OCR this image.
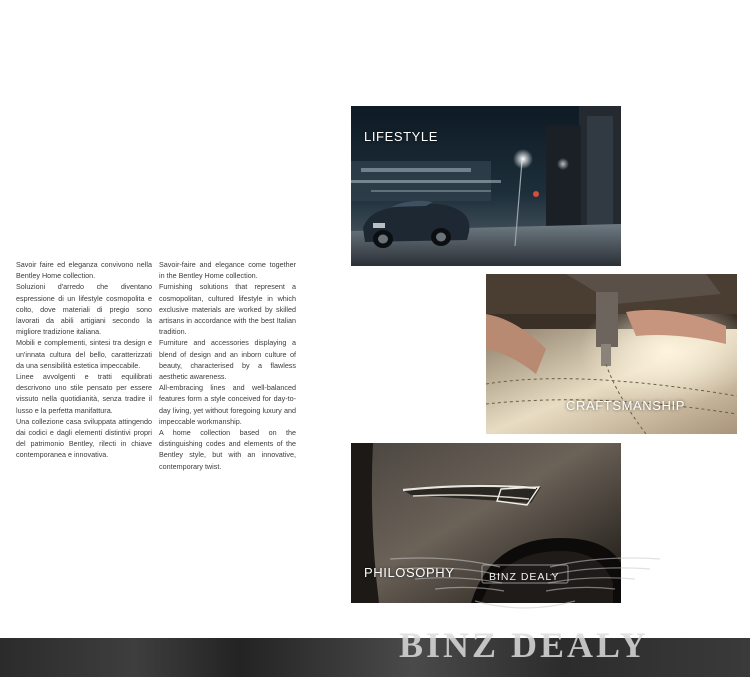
Savoir faire ed eleganza convivono nella Bentley Home collection.

Soluzioni d'arredo che diventano espressione di un lifestyle cosmopolita e colto, dove materiali di pregio sono lavorati da abili artigiani secondo la migliore tradizione italiana.

Mobili e complementi, sintesi tra design e un'innata cultura del bello, caratterizzati da una sensibilità estetica impeccabile.

Linee avvolgenti e tratti equilibrati descrivono uno stile pensato per essere vissuto nella quotidianità, senza tradire il lusso e la perfetta manifattura.

Una collezione casa sviluppata attingendo dai codici e dagli elementi distintivi propri del patrimonio Bentley, rilecti in chiave contemporanea e innovativa.

Savoir-faire and elegance come together in the Bentley Home collection.

Furnishing solutions that represent a cosmopolitan, cultured lifestyle in which exclusive materials are worked by skilled artisans in accordance with the best Italian tradition.

Furniture and accessories displaying a blend of design and an inborn culture of beauty, characterised by a flawless aesthetic awareness.

All-embracing lines and well-balanced features form a style conceived for day-to-day living, yet without foregoing luxury and impeccable workmanship.

A home collection based on the distinguishing codes and elements of the Bentley style, but with an innovative, contemporary twist.

LIFESTYLE
CRAFTSMANSHIP
PHILOSOPHY	BINZ DEALY
BINZ DEALY
